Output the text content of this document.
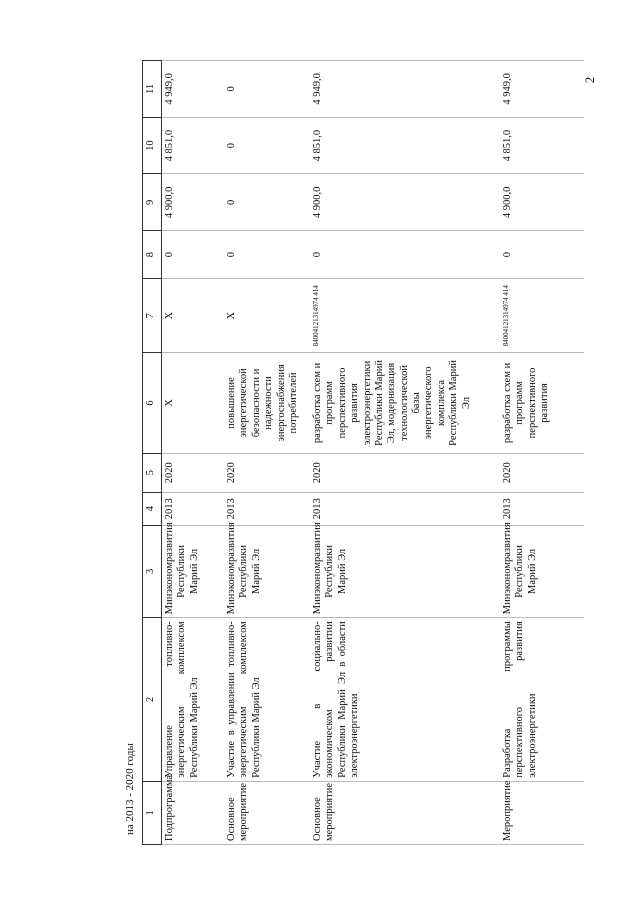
2
на 2013 - 2020 годы 1	2	3	4	5	6	7	8	9	10	11
Подпрограмма	Управление топливно-энергетическим комплексом Республики Марий Эл	Минэкономразвития Республики Марий Эл	2013	2020	X	X	0	4 900,0	4 851,0	4 949,0
Основное мероприятие	Участие в управлении топливно-энергетическим комплексом Республики Марий Эл	Минэкономразвития Республики Марий Эл	2013	2020	повышение энергетической безопасности и надежности энергоснабжения потребителей	X	0	0	0	0
Основное мероприятие	Участие в социально-экономическом развитии Республики Марий Эл в области электроэнергетики	Минэкономразвития Республики Марий Эл	2013	2020	разработка схем и программ перспективного развития электроэнергетики Республики Марий Эл, модернизация технологической базы энергетического комплекса Республики Марий Эл	84004121314974 414	0	4 900,0	4 851,0	4 949,0
Мероприятие	Разработка программы перспективного развития электроэнергетики	Минэкономразвития Республики Марий Эл	2013	2020	разработка схем и программ перспективного развития	84004121314974 414	0	4 900,0	4 851,0	4 949,0
